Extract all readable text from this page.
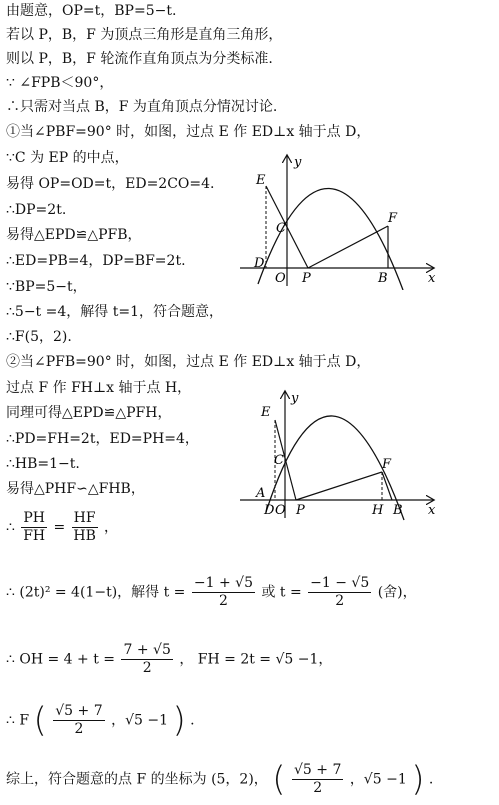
由题意，OP=t，BP=5−t.
若以 P，B，F 为顶点三角形是直角三角形，
则以 P，B，F 轮流作直角顶点为分类标准.
∵ ∠FPB＜90°，
∴只需对当点 B，F 为直角顶点分情况讨论.
①当∠PBF=90° 时，如图，过点 E 作 ED⊥x 轴于点 D，
∵C 为 EP 的中点，
易得 OP=OD=t，ED=2CO=4.
∴DP=2t.
易得△EPD≌△PFB，
∴ED=PB=4，DP=BF=2t.
∵BP=5−t，
∴5−t =4，解得 t=1，符合题意，
∴F(5，2).
②当∠PFB=90° 时，如图，过点 E 作 ED⊥x 轴于点 D，
过点 F 作 FH⊥x 轴于点 H，
同理可得△EPD≌△PFH，
∴PD=FH=2t，ED=PH=4，
∴HB=1−t.
易得△PHF∽△FHB，
∴ $\frac{PH}{FH} = \frac{HF}{HB}$ ，
∴ (2t)² = 4(1−t)，解得 $t = \frac{-1 + √5}{2}$ 或 $t = \frac{-1 - √5}{2}$ (舍)，
∴ OH = $4 + t = \frac{7 + √5}{2}$ ， FH = 2t = √5 −1，
∴ F ( $\frac{√5 + 7}{2}$ ，√5 −1 ) .
综上，符合题意的点 F 的坐标为 (5，2)， ( $\frac{√5 + 7}{2}$ ，√5 −1 ) .
y
x
E
C
D
O P	B
F
y
x
E
C
A
D O P	H B
F
